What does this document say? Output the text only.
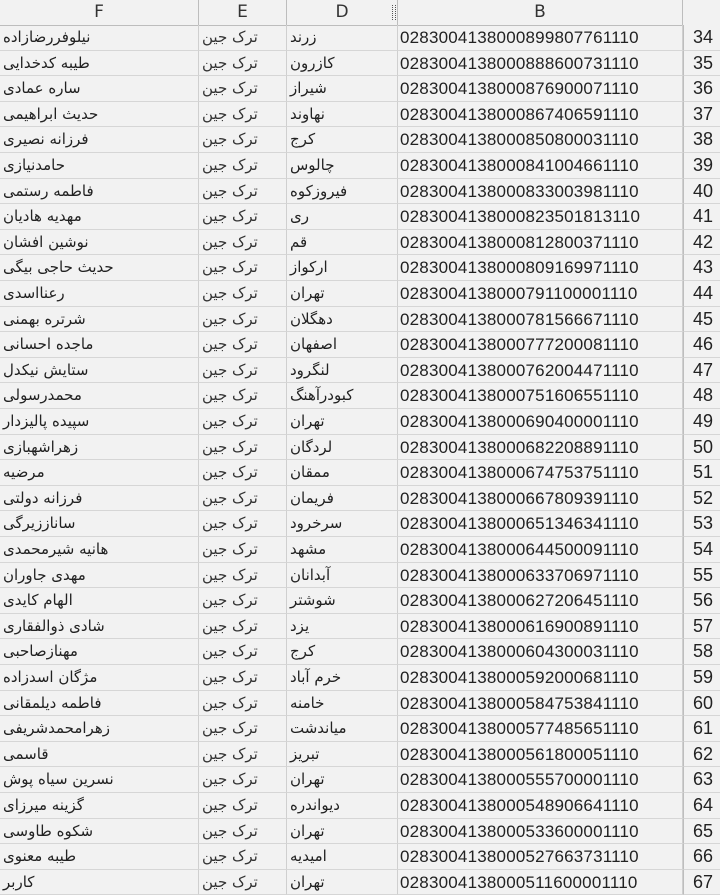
F	E	D	B
نیلوفررضازاده	ترک جین	زرند	0283004138000899807761110	34
طیبه کدخدایی	ترک جین	کازرون	0283004138000888600731110	35
ساره عمادی	ترک جین	شیراز	0283004138000876900071110	36
حدیث ابراهیمی	ترک جین	نهاوند	0283004138000867406591110	37
فرزانه نصیری	ترک جین	کرج	0283004138000850800031110	38
حامدنیازی	ترک جین	چالوس	0283004138000841004661110	39
فاطمه رستمی	ترک جین	فیروزکوه	0283004138000833003981110	40
مهدیه هادیان	ترک جین	ری	0283004138000823501813110	41
نوشین افشان	ترک جین	قم	0283004138000812800371110	42
حدیث حاجی بیگی	ترک جین	ارکواز	0283004138000809169971110	43
رعنااسدی	ترک جین	تهران	0283004138000791100001110	44
شرتره بهمنی	ترک جین	دهگلان	0283004138000781566671110	45
ماجده احسانی	ترک جین	اصفهان	0283004138000777200081110	46
ستایش نیکدل	ترک جین	لنگرود	0283004138000762004471110	47
محمدرسولی	ترک جین	کبودرآهنگ	0283004138000751606551110	48
سپیده پالیزدار	ترک جین	تهران	0283004138000690400001110	49
زهراشهبازی	ترک جین	لردگان	0283004138000682208891110	50
مرضیه	ترک جین	ممقان	0283004138000674753751110	51
فرزانه دولتی	ترک جین	فریمان	0283004138000667809391110	52
ساناززیرگی	ترک جین	سرخرود	0283004138000651346341110	53
هانیه شیرمحمدی	ترک جین	مشهد	0283004138000644500091110	54
مهدی جاوران	ترک جین	آبدانان	0283004138000633706971110	55
الهام کایدی	ترک جین	شوشتر	0283004138000627206451110	56
شادی ذوالفقاری	ترک جین	یزد	0283004138000616900891110	57
مهنازصاحبی	ترک جین	کرج	0283004138000604300031110	58
مژگان اسدزاده	ترک جین	خرم آباد	0283004138000592000681110	59
فاطمه دیلمقانی	ترک جین	خامنه	0283004138000584753841110	60
زهرامحمدشریفی	ترک جین	میاندشت	0283004138000577485651110	61
قاسمی	ترک جین	تبریز	0283004138000561800051110	62
نسرین سیاه پوش	ترک جین	تهران	0283004138000555700001110	63
گزینه میرزای	ترک جین	دیواندره	0283004138000548906641110	64
شکوه طاوسی	ترک جین	تهران	0283004138000533600001110	65
طیبه معنوی	ترک جین	امیدیه	0283004138000527663731110	66
کاربر	ترک جین	تهران	0283004138000511600001110	67
